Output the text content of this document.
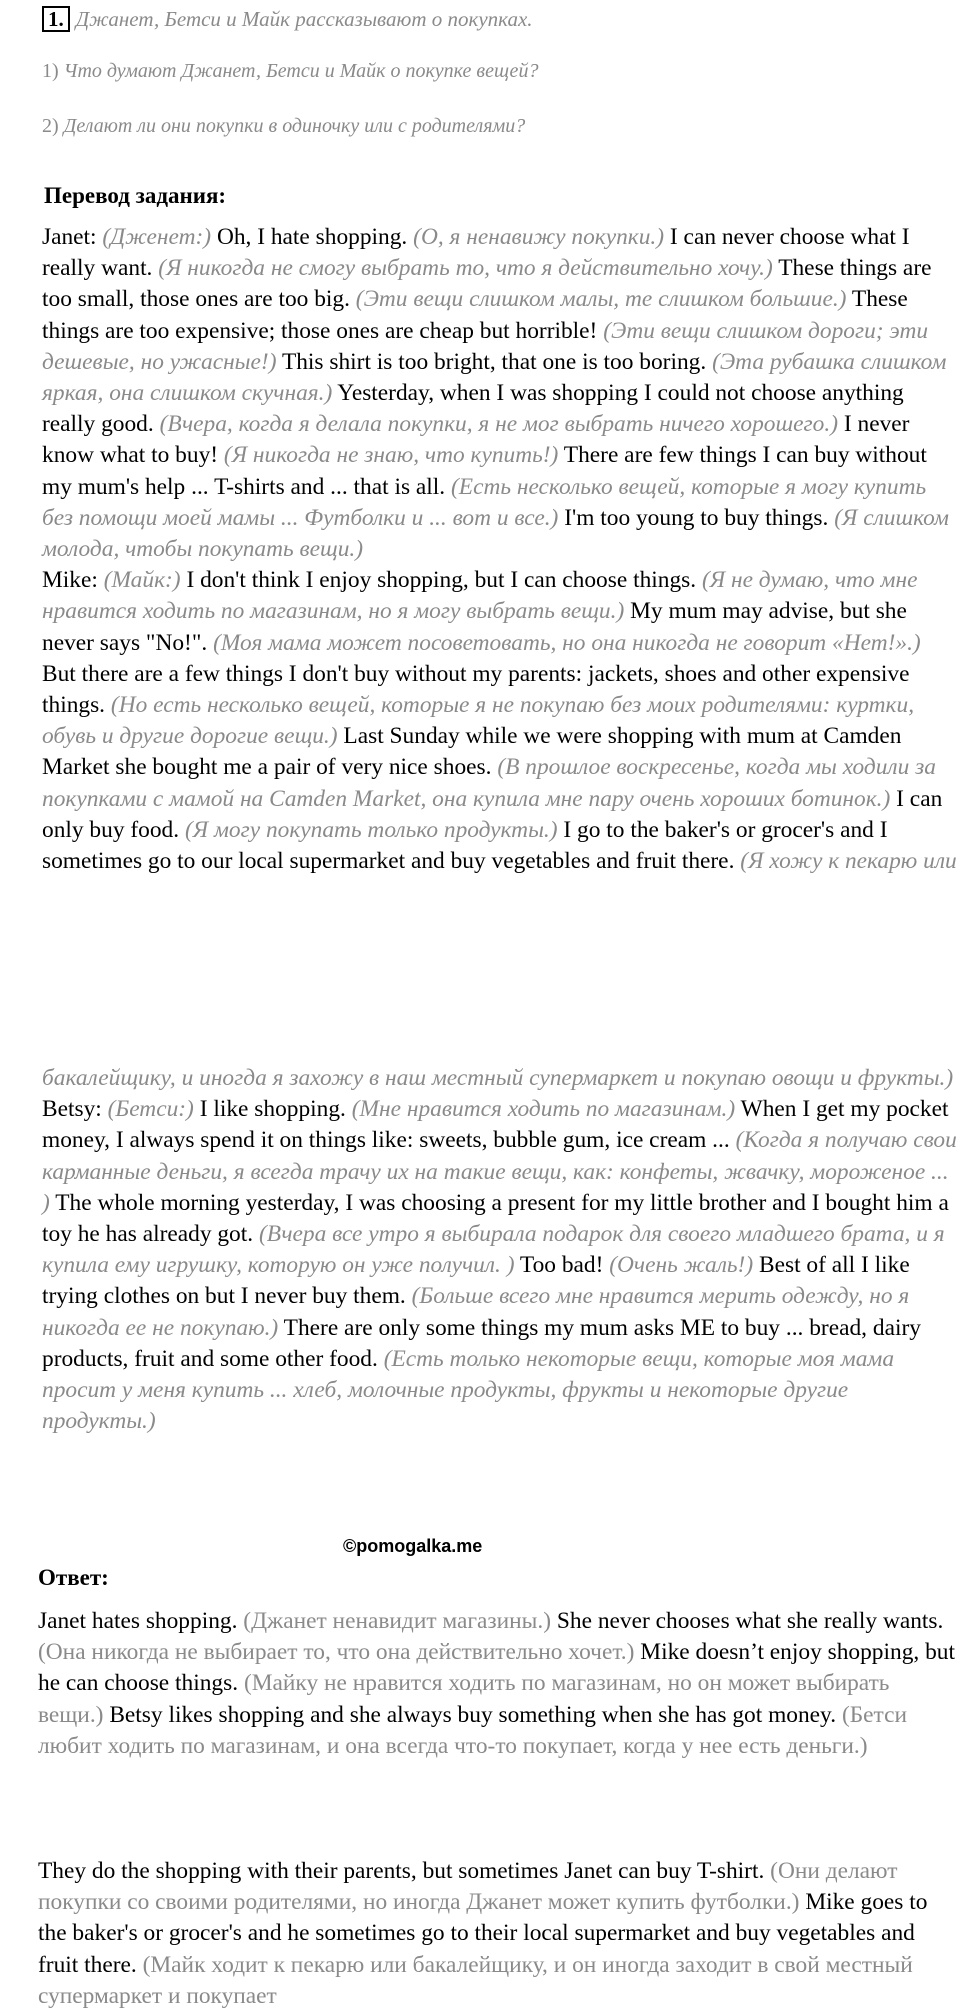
1. Джанет, Бетси и Майк рассказывают о покупках.
1) Что думают Джанет, Бетси и Майк о покупке вещей?
2) Делают ли они покупки в одиночку или с родителями?
Перевод задания:

Janet: (Дженет:) Oh, I hate shopping. (О, я ненавижу покупки.) I can never choose what I really want. (Я никогда не смогу выбрать то, что я действительно хочу.) These things are too small, those ones are too big. (Эти вещи слишком малы, те слишком большие.) These things are too expensive; those ones are cheap but horrible! (Эти вещи слишком дороги; эти дешевые, но ужасные!) This shirt is too bright, that one is too boring. (Эта рубашка слишком яркая, она слишком скучная.) Yesterday, when I was shopping I could not choose anything really good. (Вчера, когда я делала покупки, я не мог выбрать ничего хорошего.) I never know what to buy! (Я никогда не знаю, что купить!) There are few things I can buy without my mum's help ... T-shirts and ... that is all. (Есть несколько вещей, которые я могу купить без помощи моей мамы ... Футболки и ... вот и все.) I'm too young to buy things. (Я слишком молода, чтобы покупать вещи.)

Mike: (Майк:) I don't think I enjoy shopping, but I can choose things. (Я не думаю, что мне нравится ходить по магазинам, но я могу выбрать вещи.) My mum may advise, but she never says "No!". (Моя мама может посоветовать, но она никогда не говорит «Нет!».) But there are a few things I don't buy without my parents: jackets, shoes and other expensive things. (Но есть несколько вещей, которые я не покупаю без моих родителями: куртки, обувь и другие дорогие вещи.) Last Sunday while we were shopping with mum at Camden Market she bought me a pair of very nice shoes. (В прошлое воскресенье, когда мы ходили за покупками с мамой на Camden Market, она купила мне пару очень хороших ботинок.) I can only buy food. (Я могу покупать только продукты.) I go to the baker's or grocer's and I sometimes go to our local supermarket and buy vegetables and fruit there. (Я хожу к пекарю или

бакалейщику, и иногда я захожу в наш местный супермаркет и покупаю овощи и фрукты.)

Betsy: (Бетси:) I like shopping. (Мне нравится ходить по магазинам.) When I get my pocket money, I always spend it on things like: sweets, bubble gum, ice cream ... (Когда я получаю свои карманные деньги, я всегда трачу их на такие вещи, как: конфеты, жвачку, мороженое ... ) The whole morning yesterday, I was choosing a present for my little brother and I bought him a toy he has already got. (Вчера все утро я выбирала подарок для своего младшего брата, и я купила ему игрушку, которую он уже получил. ) Too bad! (Очень жаль!) Best of all I like trying clothes on but I never buy them. (Больше всего мне нравится мерить одежду, но я никогда ее не покупаю.) There are only some things my mum asks ME to buy ... bread, dairy products, fruit and some other food. (Есть только некоторые вещи, которые моя мама просит у меня купить ... хлеб, молочные продукты, фрукты и некоторые другие продукты.)

©pomogalka.me
Ответ:

Janet hates shopping. (Джанет ненавидит магазины.) She never chooses what she really wants. (Она никогда не выбирает то, что она действительно хочет.) Mike doesn’t enjoy shopping, but he can choose things. (Майку не нравится ходить по магазинам, но он может выбирать вещи.) Betsy likes shopping and she always buy something when she has got money. (Бетси любит ходить по магазинам, и она всегда что-то покупает, когда у нее есть деньги.)

They do the shopping with their parents, but sometimes Janet can buy T-shirt. (Они делают покупки со своими родителями, но иногда Джанет может купить футболки.) Mike goes to the baker's or grocer's and he sometimes go to their local supermarket and buy vegetables and fruit there. (Майк ходит к пекарю или бакалейщику, и он иногда заходит в свой местный супермаркет и покупает
